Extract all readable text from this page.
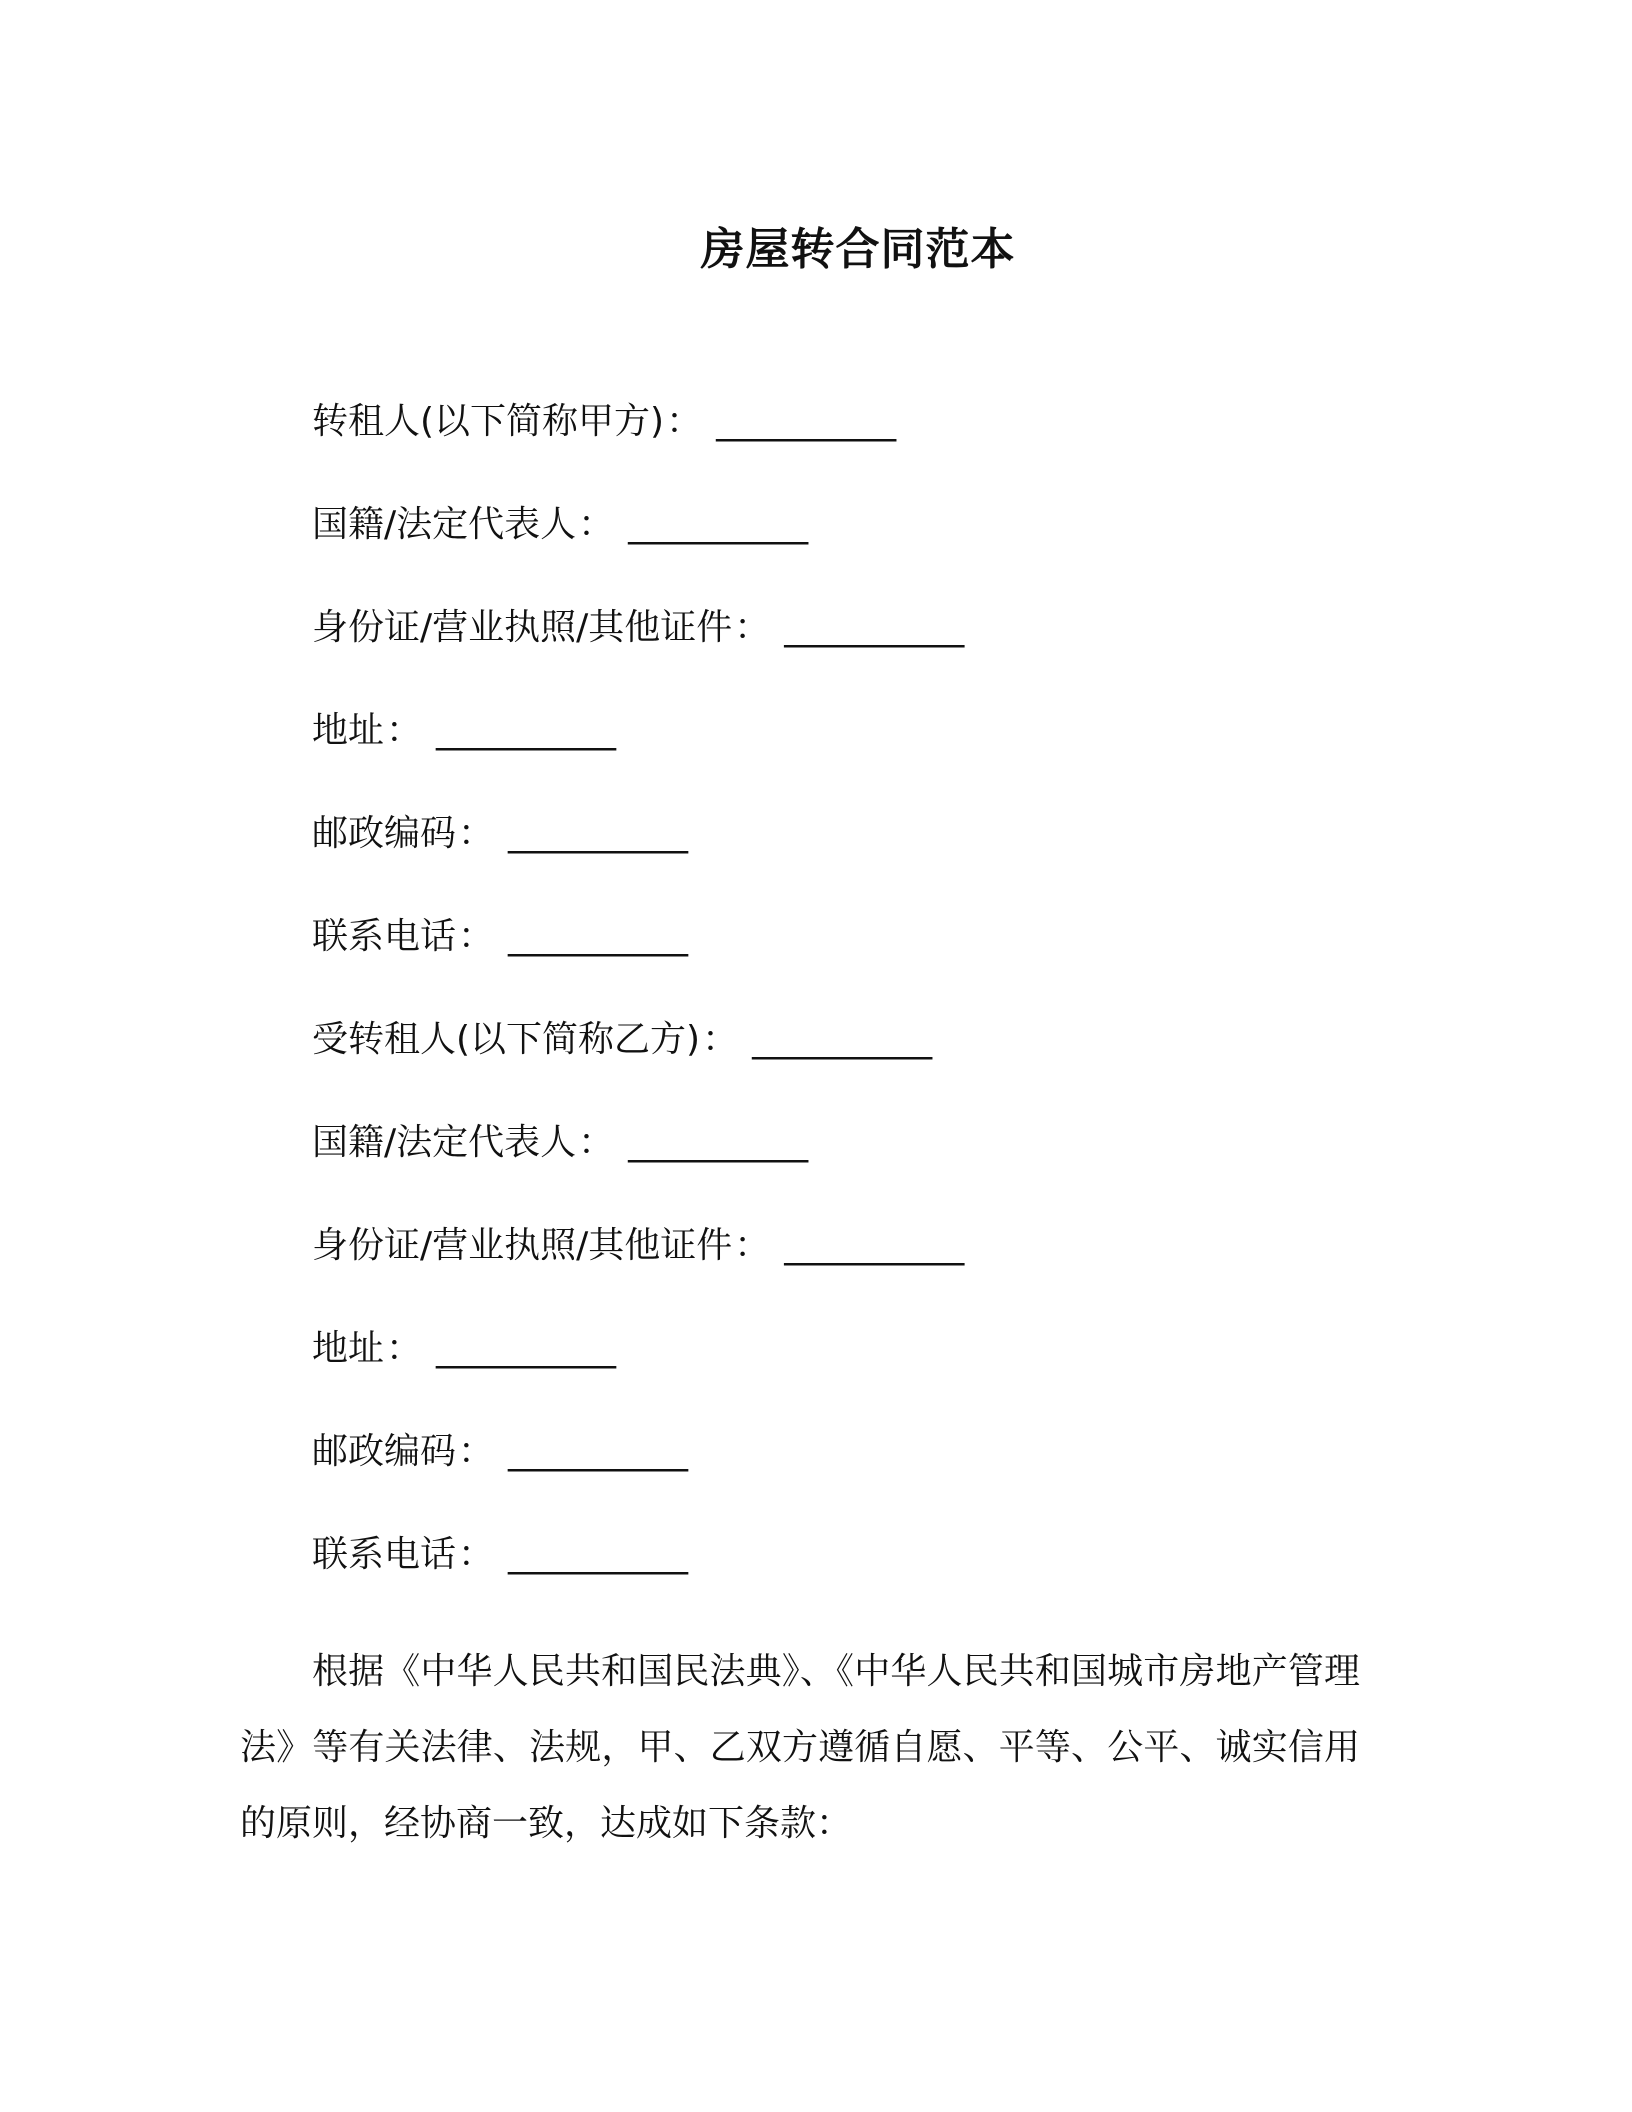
房屋转合同范本
转租人(以下简称甲方)： __________
国籍/法定代表人： __________
身份证/营业执照/其他证件： __________
地址： __________
邮政编码： __________
联系电话： __________
受转租人(以下简称乙方)： __________
国籍/法定代表人： __________
身份证/营业执照/其他证件： __________
地址： __________
邮政编码： __________
联系电话： __________

根据《中华人民共和国民法典》、《中华人民共和国城市房地产管理法》等有关法律、法规，甲、乙双方遵循自愿、平等、公平、诚实信用的原则，经协商一致，达成如下条款：
